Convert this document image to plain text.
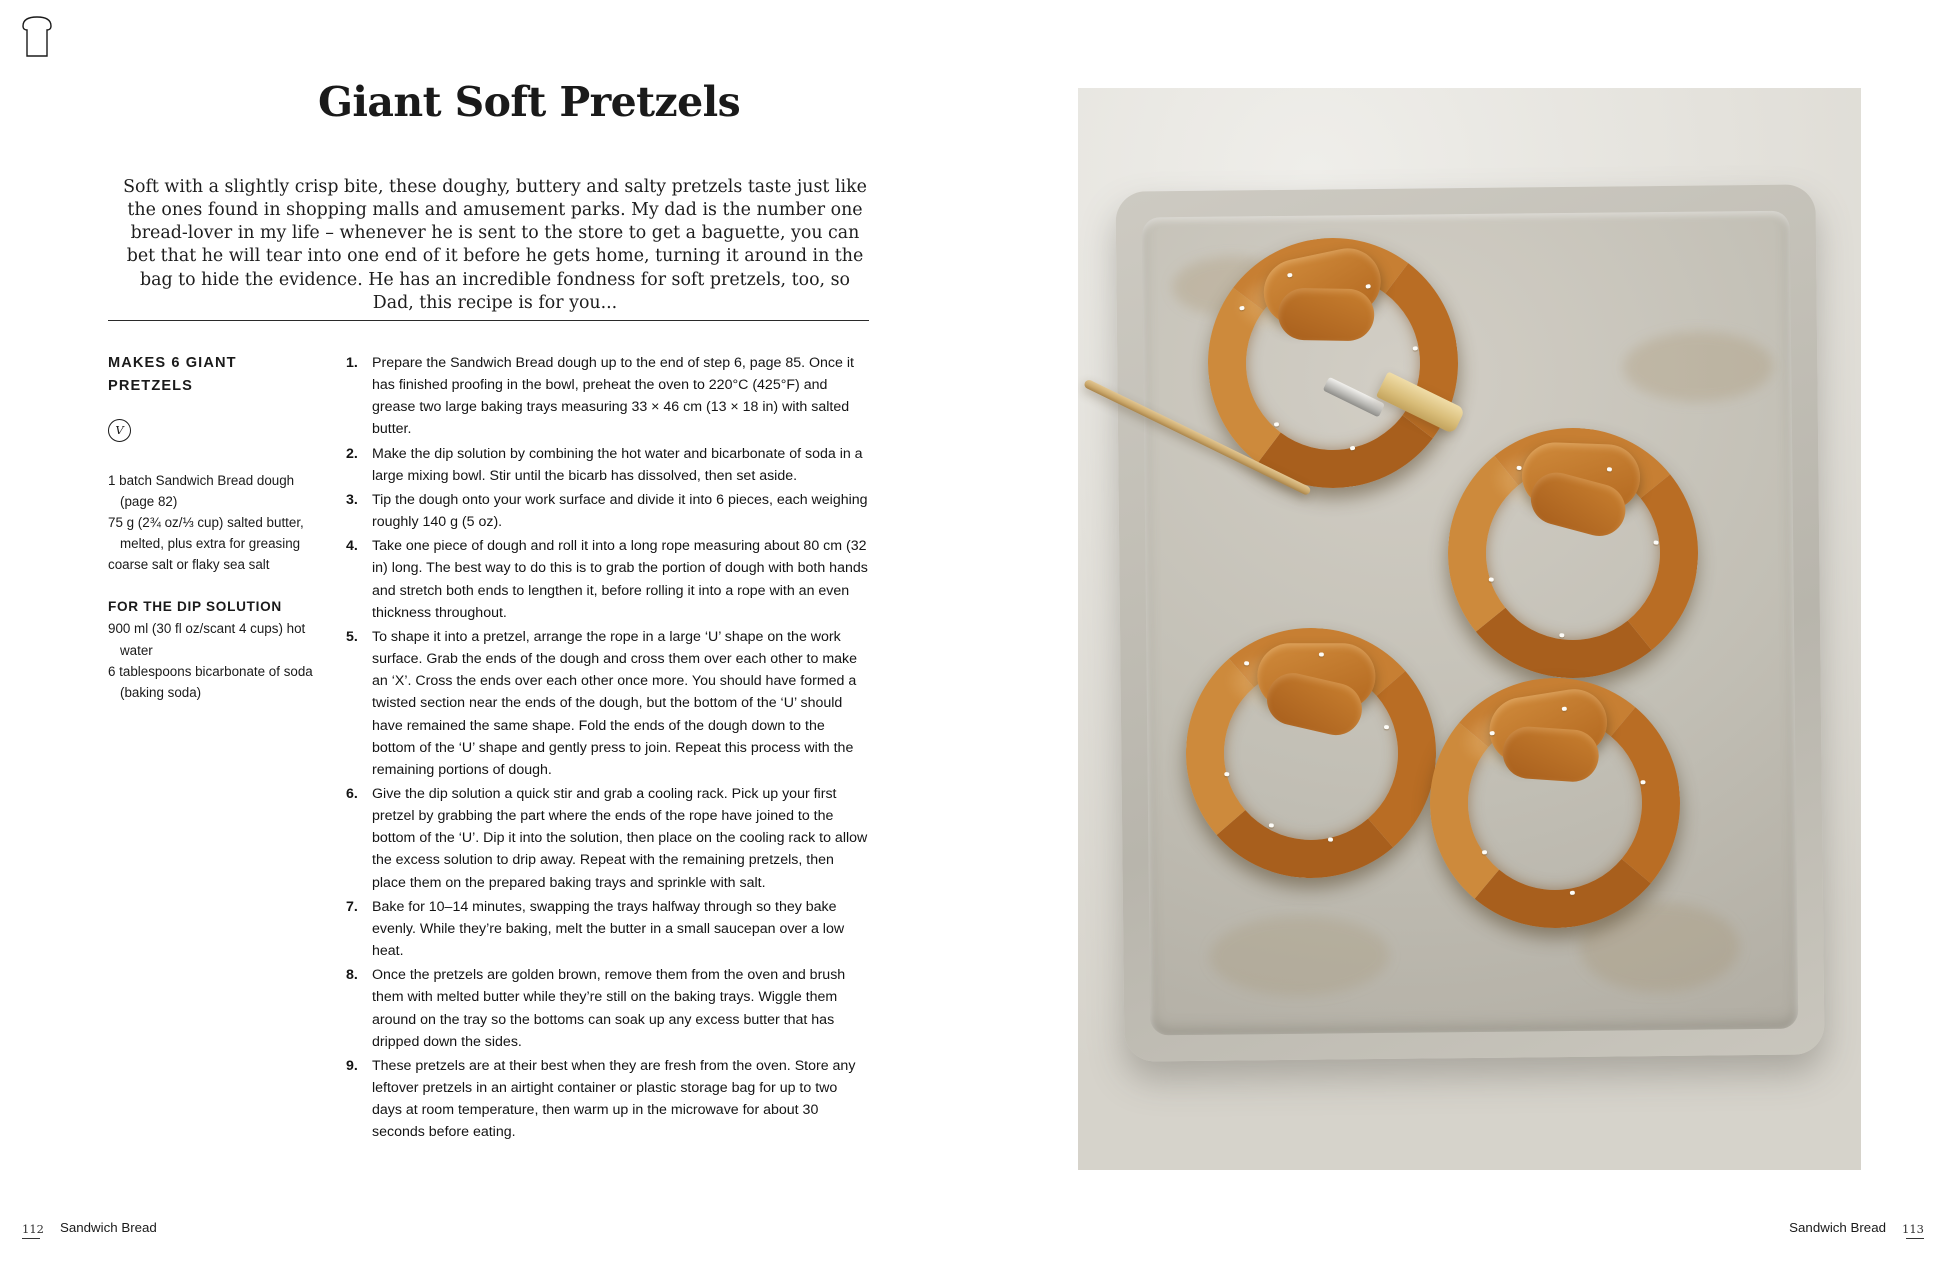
Giant Soft Pretzels
Soft with a slightly crisp bite, these doughy, buttery and salty pretzels taste just like the ones found in shopping malls and amusement parks. My dad is the number one bread-lover in my life – whenever he is sent to the store to get a baguette, you can bet that he will tear into one end of it before he gets home, turning it around in the bag to hide the evidence. He has an incredible fondness for soft pretzels, too, so Dad, this recipe is for you...
MAKES 6 GIANT PRETZELS
V
1 batch Sandwich Bread dough (page 82)
75 g (2¾ oz/⅓ cup) salted butter, melted, plus extra for greasing
coarse salt or flaky sea salt
FOR THE DIP SOLUTION
900 ml (30 fl oz/scant 4 cups) hot water
6 tablespoons bicarbonate of soda (baking soda)
1. Prepare the Sandwich Bread dough up to the end of step 6, page 85. Once it has finished proofing in the bowl, preheat the oven to 220°C (425°F) and grease two large baking trays measuring 33 × 46 cm (13 × 18 in) with salted butter.
2. Make the dip solution by combining the hot water and bicarbonate of soda in a large mixing bowl. Stir until the bicarb has dissolved, then set aside.
3. Tip the dough onto your work surface and divide it into 6 pieces, each weighing roughly 140 g (5 oz).
4. Take one piece of dough and roll it into a long rope measuring about 80 cm (32 in) long. The best way to do this is to grab the portion of dough with both hands and stretch both ends to lengthen it, before rolling it into a rope with an even thickness throughout.
5. To shape it into a pretzel, arrange the rope in a large ‘U’ shape on the work surface. Grab the ends of the dough and cross them over each other to make an ‘X’. Cross the ends over each other once more. You should have formed a twisted section near the ends of the dough, but the bottom of the ‘U’ should have remained the same shape. Fold the ends of the dough down to the bottom of the ‘U’ shape and gently press to join. Repeat this process with the remaining portions of dough.
6. Give the dip solution a quick stir and grab a cooling rack. Pick up your first pretzel by grabbing the part where the ends of the rope have joined to the bottom of the ‘U’. Dip it into the solution, then place on the cooling rack to allow the excess solution to drip away. Repeat with the remaining pretzels, then place them on the prepared baking trays and sprinkle with salt.
7. Bake for 10–14 minutes, swapping the trays halfway through so they bake evenly. While they’re baking, melt the butter in a small saucepan over a low heat.
8. Once the pretzels are golden brown, remove them from the oven and brush them with melted butter while they’re still on the baking trays. Wiggle them around on the tray so the bottoms can soak up any excess butter that has dripped down the sides.
9. These pretzels are at their best when they are fresh from the oven. Store any leftover pretzels in an airtight container or plastic storage bag for up to two days at room temperature, then warm up in the microwave for about 30 seconds before eating.
112 Sandwich Bread	113
Sandwich Bread
